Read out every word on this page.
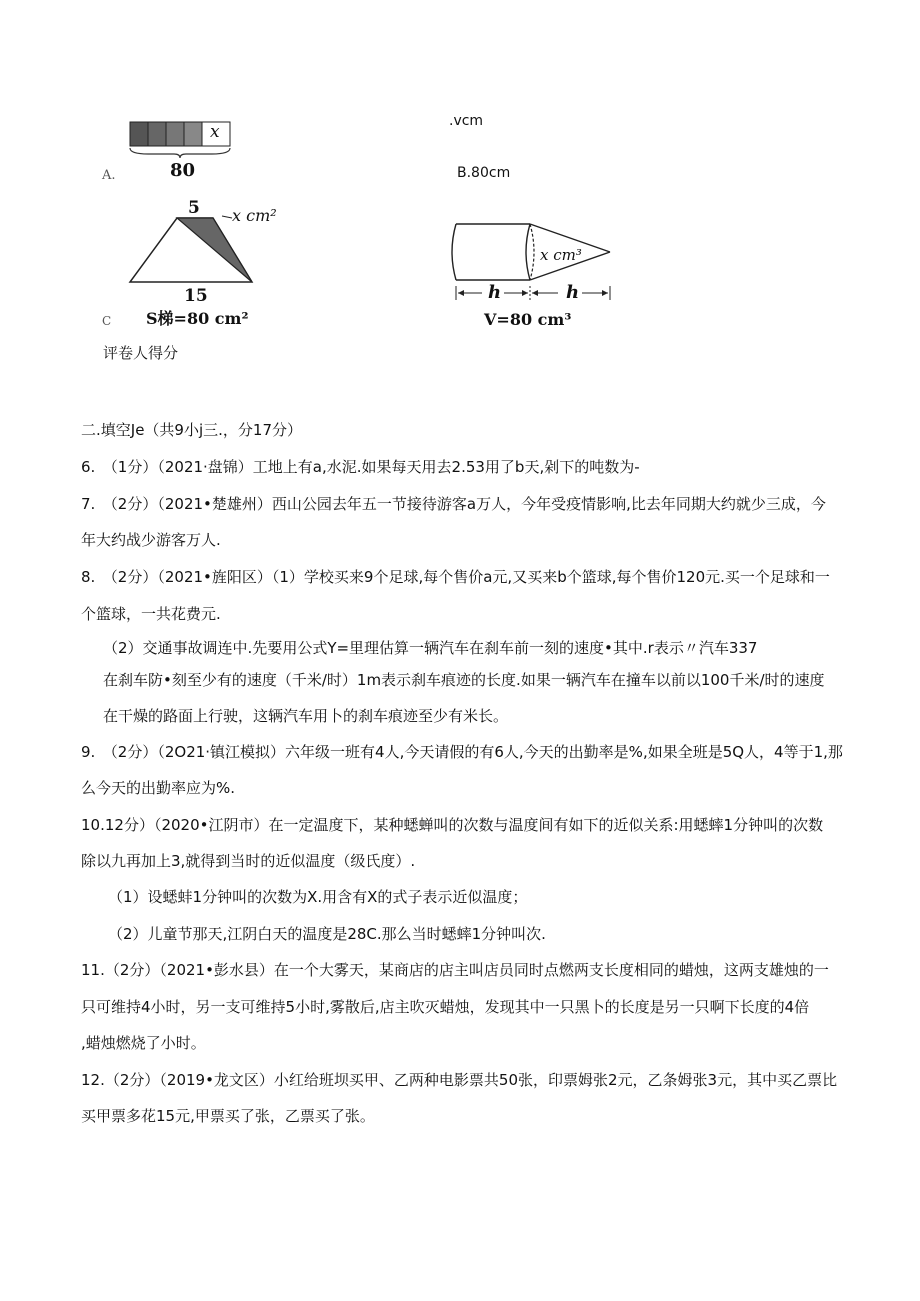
x
80
A.
.vcm
B.80cm
5 x cm²
15
C S梯=80 cm²
x cm³
h	h
V=80 cm³
评卷人得分
二.填空Je（共9小j三.，分17分）
6.　（1分）（2021·盘锦）工地上有a,水泥.如果每天用去2.53用了b天,剁下的吨数为-
7.　（2分）（2021•楚雄州）西山公园去年五一节接待游客a万人，今年受疫情影响,比去年同期大约就少三成，今
年大约战少游客万人.
8.　（2分）（2021•旌阳区）（1）学校买来9个足球,每个售价a元,又买来b个篮球,每个售价120元.买一个足球和一
个篮球，一共花费元.
（2）交通事故调连中.先要用公式Y=里理估算一辆汽车在刹车前一刻的速度•其中.r表示〃汽车337
在刹车防•刻至少有的速度（千米/时）1m表示刹车痕迹的长度.如果一辆汽车在撞车以前以100千米/时的速度
在干燥的路面上行驶，这辆汽车用卜的刹车痕迹至少有米长。
9.　（2分）（2O21·镇江模拟）六年级一班有4人,今天请假的有6人,今天的出勤率是%,如果全班是5Q人，4等于1,那
么今天的出勤率应为%.
10.12分）（2020•江阴市）在一定温度下，某种蟋蝉叫的次数与温度间有如下的近似关系:用蟋蟀1分钟叫的次数
除以九再加上3,就得到当时的近似温度（级氏度）.
（1）设蟋蚌1分钟叫的次数为X.用含有X的式子表示近似温度；
（2）儿童节那天,江阴白天的温度是28C.那么当时蟋蟀1分钟叫次.
11.（2分）（2021•彭水县）在一个大雾天，某商店的店主叫店员同时点燃两支长度相同的蜡烛，这两支雄烛的一
只可维持4小时，另一支可维持5小时,雾散后,店主吹灭蜡烛，发现其中一只黑卜的长度是另一只啊下长度的4倍
,蜡烛燃烧了小时。
12.（2分）（2019•龙文区）小红给班坝买甲、乙两种电影票共50张，印票姆张2元，乙条姆张3元，其中买乙票比
买甲票多花15元,甲票买了张，乙票买了张。
